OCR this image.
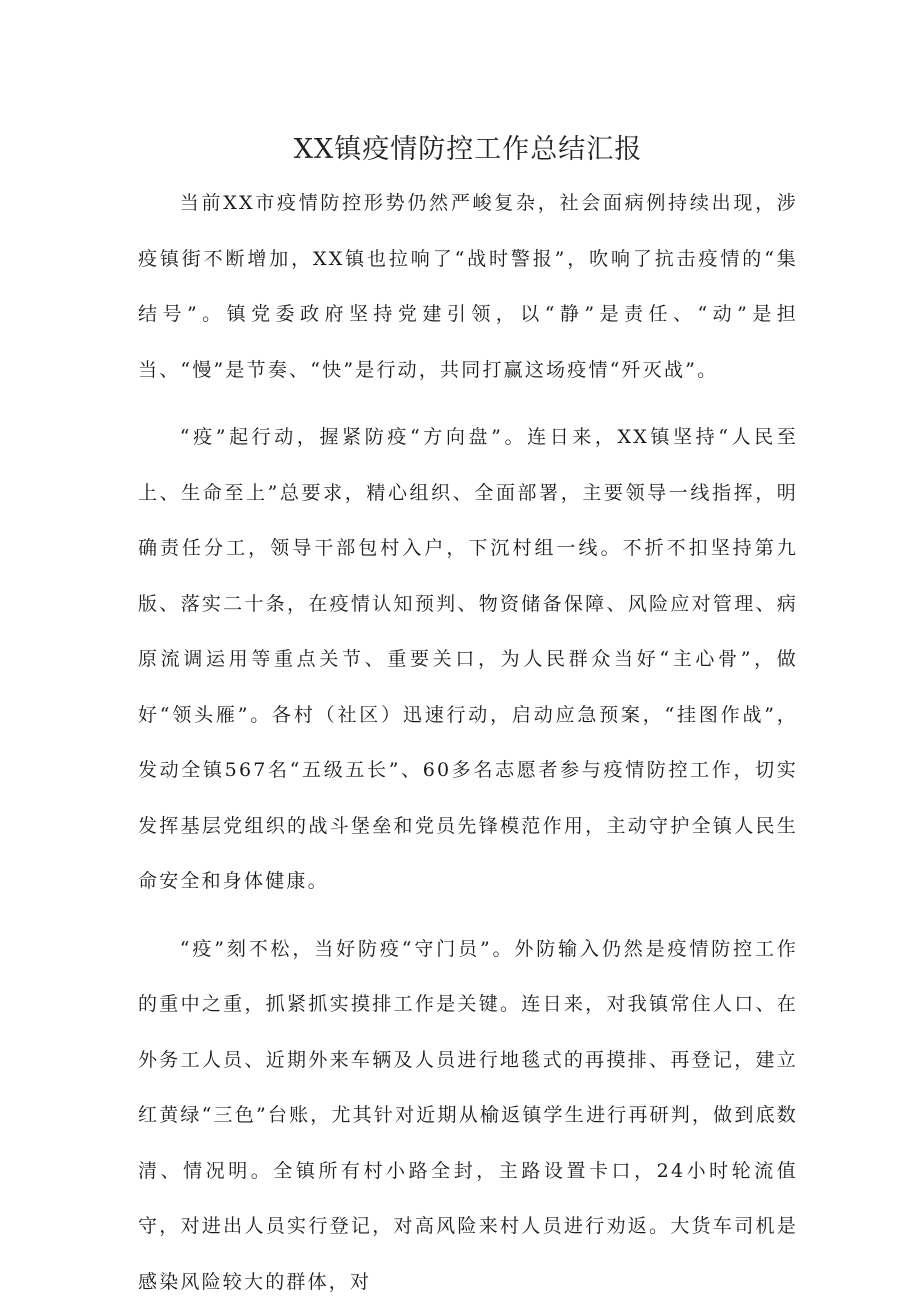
XX镇疫情防控工作总结汇报

当前XX市疫情防控形势仍然严峻复杂，社会面病例持续出现，涉疫镇街不断增加，XX镇也拉响了“战时警报”，吹响了抗击疫情的“集结号”。镇党委政府坚持党建引领，以“静”是责任、“动”是担当、“慢”是节奏、“快”是行动，共同打赢这场疫情“歼灭战”。

“疫”起行动，握紧防疫“方向盘”。连日来，XX镇坚持“人民至上、生命至上”总要求，精心组织、全面部署，主要领导一线指挥，明确责任分工，领导干部包村入户，下沉村组一线。不折不扣坚持第九版、落实二十条，在疫情认知预判、物资储备保障、风险应对管理、病原流调运用等重点关节、重要关口，为人民群众当好“主心骨”，做好“领头雁”。各村（社区）迅速行动，启动应急预案，“挂图作战”，发动全镇567名“五级五长”、60多名志愿者参与疫情防控工作，切实发挥基层党组织的战斗堡垒和党员先锋模范作用，主动守护全镇人民生命安全和身体健康。

“疫”刻不松，当好防疫“守门员”。外防输入仍然是疫情防控工作的重中之重，抓紧抓实摸排工作是关键。连日来，对我镇常住人口、在外务工人员、近期外来车辆及人员进行地毯式的再摸排、再登记，建立红黄绿“三色”台账，尤其针对近期从榆返镇学生进行再研判，做到底数清、情况明。全镇所有村小路全封，主路设置卡口，24小时轮流值守，对进出人员实行登记，对高风险来村人员进行劝返。大货车司机是感染风险较大的群体，对
